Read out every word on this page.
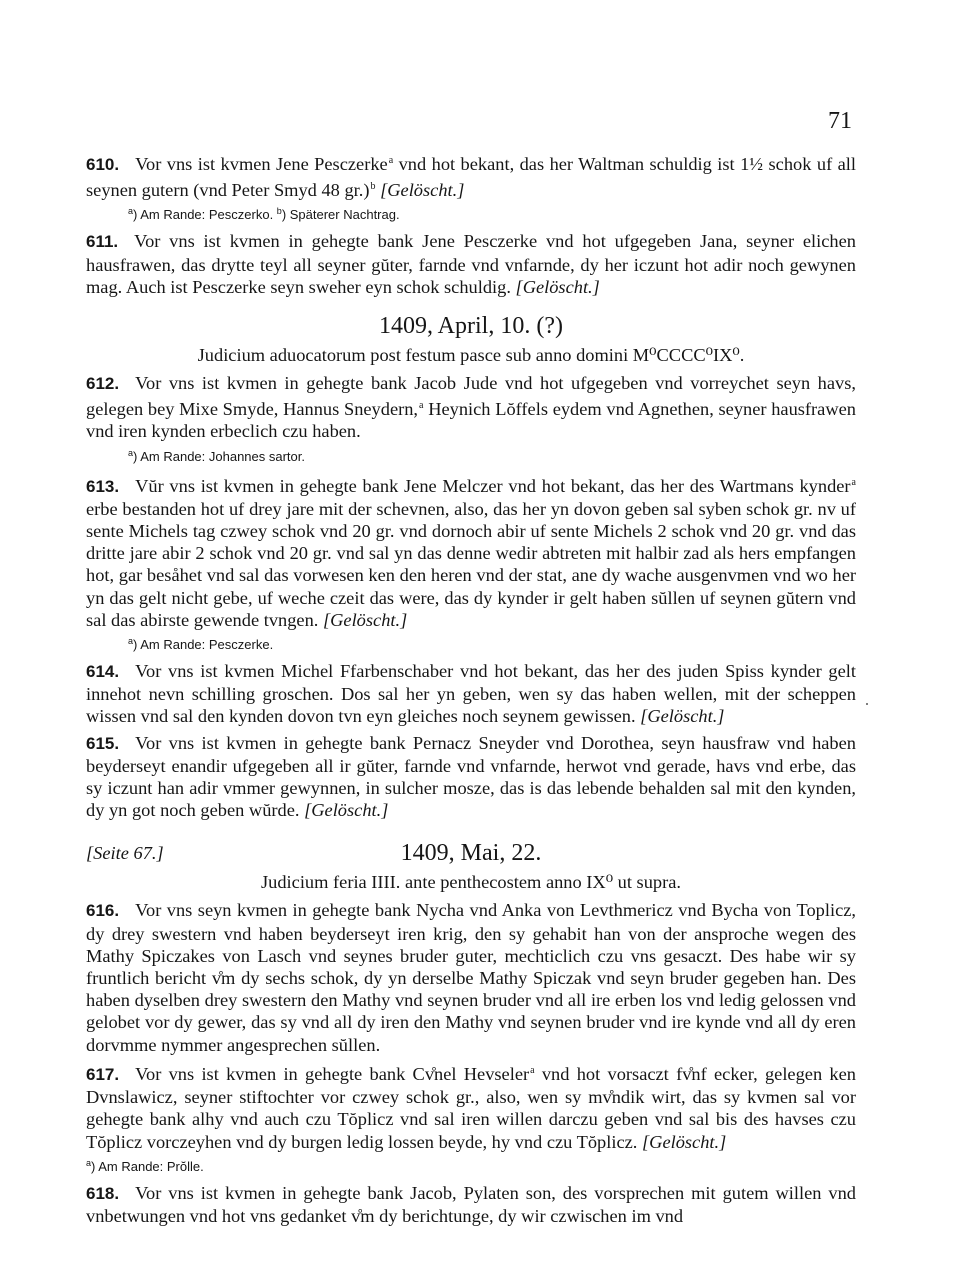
71

610. Vor vns ist kvmen Jene Pesczerke$^a$ vnd hot bekant, das her Waltman schuldig ist 1½ schok uf all seynen gutern (vnd Peter Smyd 48 gr.)$^b$ [Gelöscht.]

$^a$) Am Rande: Pesczerko. $^b$) Späterer Nachtrag.

611. Vor vns ist kvmen in gehegte bank Jene Pesczerke vnd hot ufgegeben Jana, seyner elichen hausfrawen, das drytte teyl all seyner gŭter, farnde vnd vnfarnde, dy her iczunt hot adir noch gewynen mag. Auch ist Pesczerke seyn sweher eyn schok schuldig. [Gelöscht.]

1409, April, 10. (?)
Judicium aduocatorum post festum pasce sub anno domini M⁰CCCC⁰IX⁰.

612. Vor vns ist kvmen in gehegte bank Jacob Jude vnd hot ufgegeben vnd vorreychet seyn havs, gelegen bey Mixe Smyde, Hannus Sneydern,$^a$ Heynich Lŏffels eydem vnd Agnethen, seyner hausfrawen vnd iren kynden erbeclich czu haben.

$^a$) Am Rande: Johannes sartor.

613. Vŭr vns ist kvmen in gehegte bank Jene Melczer vnd hot bekant, das her des Wartmans kynder$^a$ erbe bestanden hot uf drey jare mit der schevnen, also, das her yn dovon geben sal syben schok gr. nv uf sente Michels tag czwey schok vnd 20 gr. vnd dornoch abir uf sente Michels 2 schok vnd 20 gr. vnd das dritte jare abir 2 schok vnd 20 gr. vnd sal yn das denne wedir abtreten mit halbir zad als hers empfangen hot, gar besåhet vnd sal das vorwesen ken den heren vnd der stat, ane dy wache ausgenvmen vnd wo her yn das gelt nicht gebe, uf weche czeit das were, das dy kynder ir gelt haben sŭllen uf seynen gŭtern vnd sal das abirste gewende tvngen. [Gelöscht.]

$^a$) Am Rande: Pesczerke.

614. Vor vns ist kvmen Michel Ffarbenschaber vnd hot bekant, das her des juden Spiss kynder gelt innehot nevn schilling groschen. Dos sal her yn geben, wen sy das haben wellen, mit der scheppen wissen vnd sal den kynden dovon tvn eyn gleiches noch seynem gewissen. [Gelöscht.]

615. Vor vns ist kvmen in gehegte bank Pernacz Sneyder vnd Dorothea, seyn hausfraw vnd haben beyderseyt enandir ufgegeben all ir gŭter, farnde vnd vnfarnde, herwot vnd gerade, havs vnd erbe, das sy iczunt han adir vmmer gewynnen, in sulcher mosze, das is das lebende behalden sal mit den kynden, dy yn got noch geben wŭrde. [Gelöscht.]

1409, Mai, 22.
[Seite 67.]
Judicium feria IIII. ante penthecostem anno IX⁰ ut supra.

616. Vor vns seyn kvmen in gehegte bank Nycha vnd Anka von Levthmericz vnd Bycha von Toplicz, dy drey swestern vnd haben beyderseyt iren krig, den sy gehabit han von der ansproche wegen des Mathy Spiczakes von Lasch vnd seynes bruder guter, mechticlich czu vns gesaczt. Des habe wir sy fruntlich bericht v̊m dy sechs schok, dy yn derselbe Mathy Spiczak vnd seyn bruder gegeben han. Des haben dyselben drey swestern den Mathy vnd seynen bruder vnd all ire erben los vnd ledig gelossen vnd gelobet vor dy gewer, das sy vnd all dy iren den Mathy vnd seynen bruder vnd ire kynde vnd all dy eren dorvmme nymmer angesprechen sŭllen.

617. Vor vns ist kvmen in gehegte bank Cv̊nel Hevseler$^a$ vnd hot vorsaczt fv̊nf ecker, gelegen ken Dvnslawicz, seyner stiftochter vor czwey schok gr., also, wen sy mv̊ndik wirt, das sy kvmen sal vor gehegte bank alhy vnd auch czu Tŏplicz vnd sal iren willen darczu geben vnd sal bis des havses czu Tŏplicz vorczeyhen vnd dy burgen ledig lossen beyde, hy vnd czu Tŏplicz. [Gelöscht.]

$^a$) Am Rande: Prŏlle.

618. Vor vns ist kvmen in gehegte bank Jacob, Pylaten son, des vorsprechen mit gutem willen vnd vnbetwungen vnd hot vns gedanket v̊m dy berichtunge, dy wir czwischen im vnd
